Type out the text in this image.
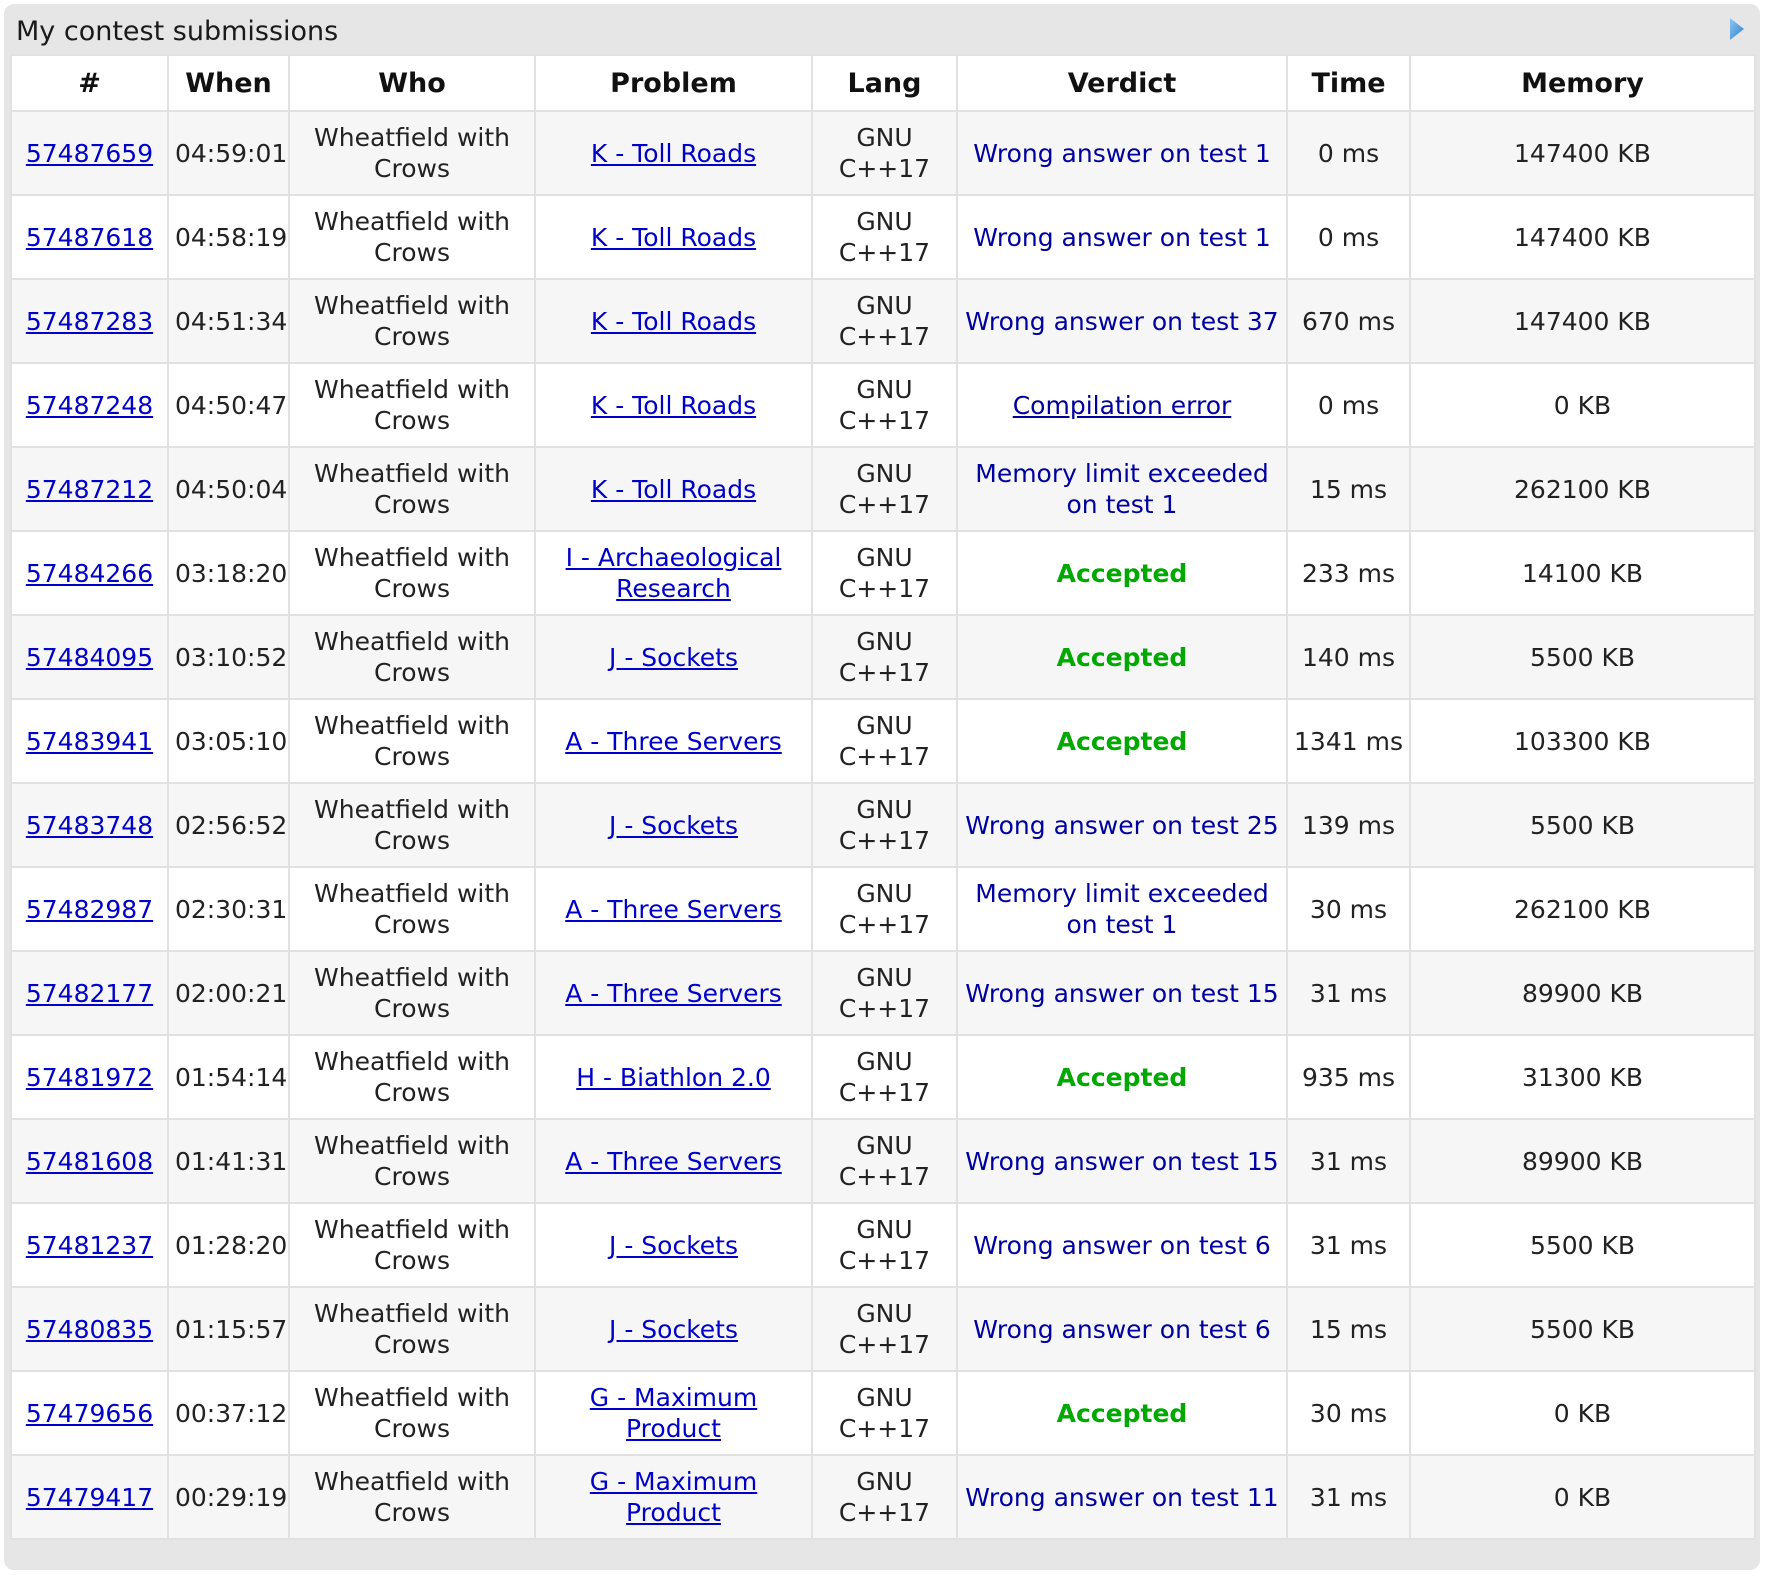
My contest submissions
#	When	Who	Problem	Lang	Verdict	Time	Memory
57487659	04:59:01	Wheatfield with Crows	K - Toll Roads	GNU C++17	Wrong answer on test 1	0 ms	147400 KB
57487618	04:58:19	Wheatfield with Crows	K - Toll Roads	GNU C++17	Wrong answer on test 1	0 ms	147400 KB
57487283	04:51:34	Wheatfield with Crows	K - Toll Roads	GNU C++17	Wrong answer on test 37	670 ms	147400 KB
57487248	04:50:47	Wheatfield with Crows	K - Toll Roads	GNU C++17	Compilation error	0 ms	0 KB
57487212	04:50:04	Wheatfield with Crows	K - Toll Roads	GNU C++17	Memory limit exceeded on test 1	15 ms	262100 KB
57484266	03:18:20	Wheatfield with Crows	I - Archaeological Research	GNU C++17	Accepted	233 ms	14100 KB
57484095	03:10:52	Wheatfield with Crows	J - Sockets	GNU C++17	Accepted	140 ms	5500 KB
57483941	03:05:10	Wheatfield with Crows	A - Three Servers	GNU C++17	Accepted	1341 ms	103300 KB
57483748	02:56:52	Wheatfield with Crows	J - Sockets	GNU C++17	Wrong answer on test 25	139 ms	5500 KB
57482987	02:30:31	Wheatfield with Crows	A - Three Servers	GNU C++17	Memory limit exceeded on test 1	30 ms	262100 KB
57482177	02:00:21	Wheatfield with Crows	A - Three Servers	GNU C++17	Wrong answer on test 15	31 ms	89900 KB
57481972	01:54:14	Wheatfield with Crows	H - Biathlon 2.0	GNU C++17	Accepted	935 ms	31300 KB
57481608	01:41:31	Wheatfield with Crows	A - Three Servers	GNU C++17	Wrong answer on test 15	31 ms	89900 KB
57481237	01:28:20	Wheatfield with Crows	J - Sockets	GNU C++17	Wrong answer on test 6	31 ms	5500 KB
57480835	01:15:57	Wheatfield with Crows	J - Sockets	GNU C++17	Wrong answer on test 6	15 ms	5500 KB
57479656	00:37:12	Wheatfield with Crows	G - Maximum Product	GNU C++17	Accepted	30 ms	0 KB
57479417	00:29:19	Wheatfield with Crows	G - Maximum Product	GNU C++17	Wrong answer on test 11	31 ms	0 KB
